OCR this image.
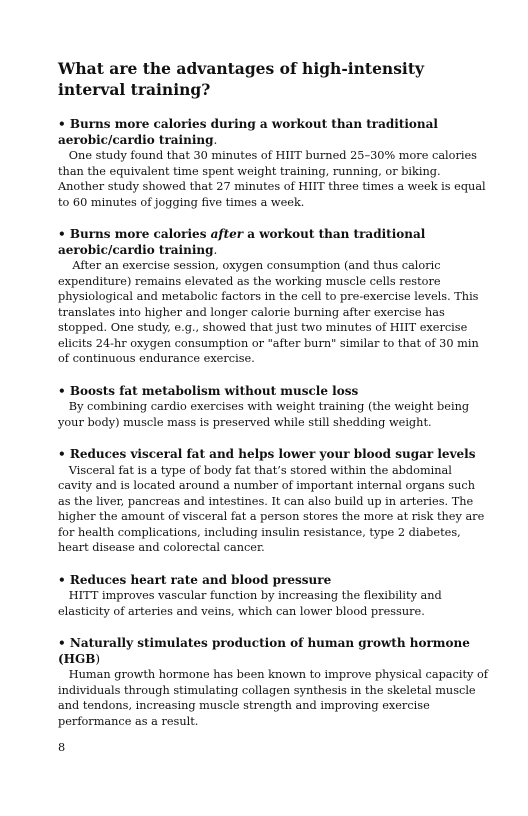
What are the advantages of high-intensity interval training?

• Burns more calories during a workout than traditional aerobic/cardio training.

One study found that 30 minutes of HIIT burned 25–30% more calories than the equivalent time spent weight training, running, or biking. Another study showed that 27 minutes of HIIT three times a week is equal to 60 minutes of jogging five times a week.

• Burns more calories after a workout than traditional aerobic/cardio training.

After an exercise session, oxygen consumption (and thus caloric expenditure) remains elevated as the working muscle cells restore physiological and metabolic factors in the cell to pre-exercise levels. This translates into higher and longer calorie burning after exercise has stopped. One study, e.g., showed that just two minutes of HIIT exercise elicits 24-hr oxygen consumption or "after burn" similar to that of 30 min of continuous endurance exercise.

• Boosts fat metabolism without muscle loss

By combining cardio exercises with weight training (the weight being your body) muscle mass is preserved while still shedding weight.

• Reduces visceral fat and helps lower your blood sugar levels

Visceral fat is a type of body fat that’s stored within the abdominal cavity and is located around a number of important internal organs such as the liver, pancreas and intestines. It can also build up in arteries. The higher the amount of visceral fat a person stores the more at risk they are for health complications, including insulin resistance, type 2 diabetes, heart disease and colorectal cancer.

• Reduces heart rate and blood pressure

HITT improves vascular function by increasing the flexibility and elasticity of arteries and veins, which can lower blood pressure.

• Naturally stimulates production of human growth hormone (HGB)

Human growth hormone has been known to improve physical capacity of individuals through stimulating collagen synthesis in the skeletal muscle and tendons, increasing muscle strength and improving exercise performance as a result.

8
